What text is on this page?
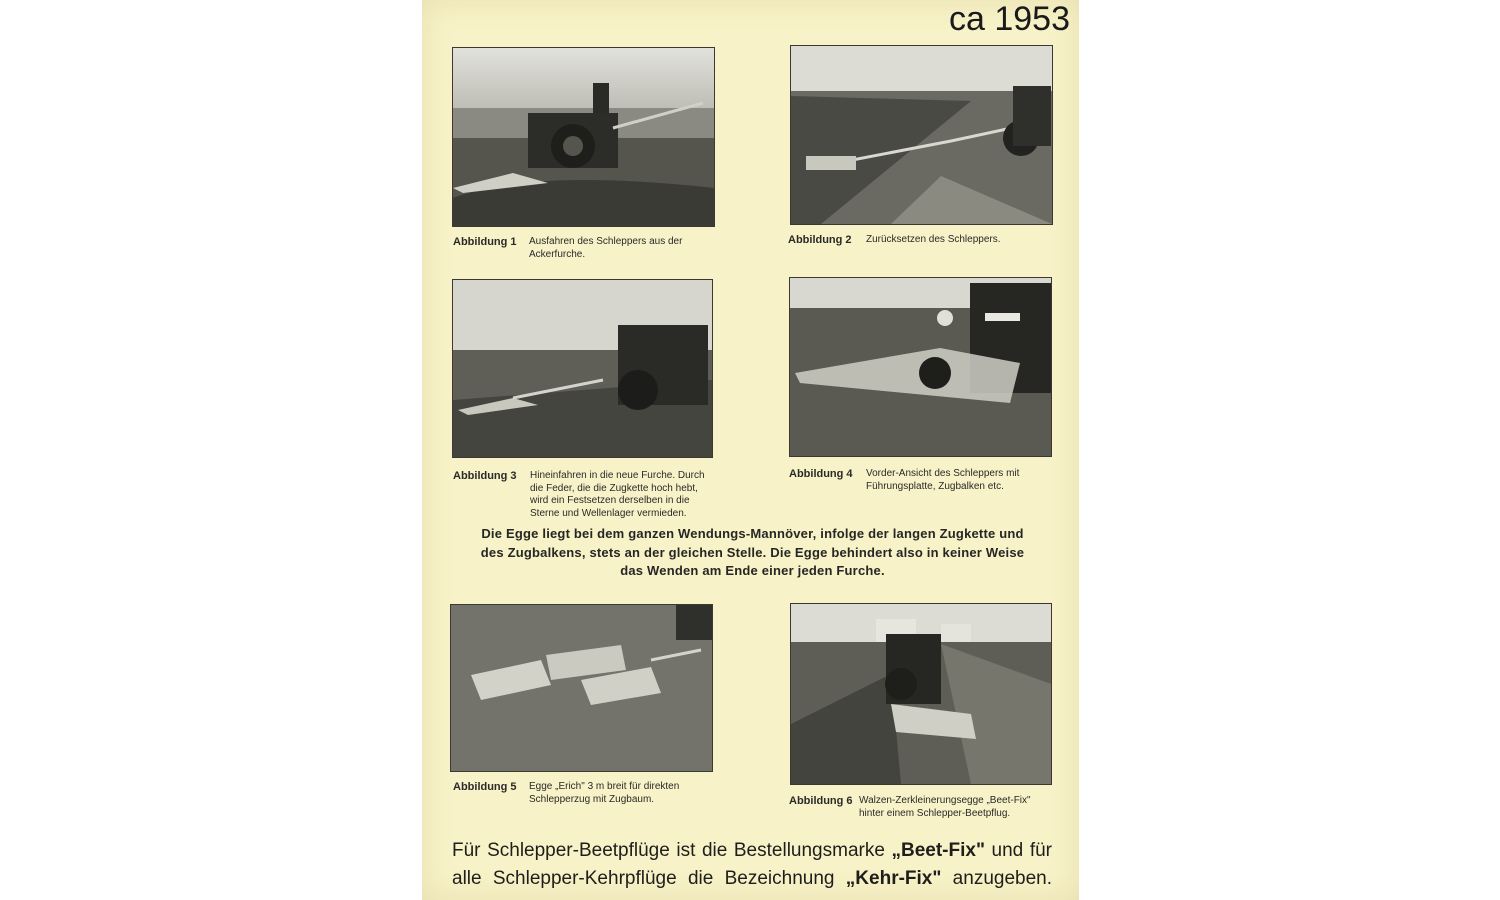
ca 1953
Abbildung 1 Ausfahren des Schleppers aus der
Ackerfurche.
Abbildung 2 Zurücksetzen des Schleppers.
Abbildung 3 Hineinfahren in die neue Furche. Durch
die Feder, die die Zugkette hoch hebt,
wird ein Festsetzen derselben in die
Sterne und Wellenlager vermieden.
Abbildung 4 Vorder-Ansicht des Schleppers mit
Führungsplatte, Zugbalken etc.
Die Egge liegt bei dem ganzen Wendungs-Mannöver, infolge der langen Zugkette und
des Zugbalkens, stets an der gleichen Stelle. Die Egge behindert also in keiner Weise
das Wenden am Ende einer jeden Furche.
Abbildung 5 Egge „Erich" 3 m breit für direkten
Schlepperzug mit Zugbaum.	Abbildung 6 Walzen-Zerkleinerungsegge „Beet-Fix"
hinter einem Schlepper-Beetpflug.
Für Schlepper-Beetpflüge ist die Bestellungsmarke „Beet-Fix" und für
alle Schlepper-Kehrpflüge die Bezeichnung „Kehr-Fix" anzugeben.
